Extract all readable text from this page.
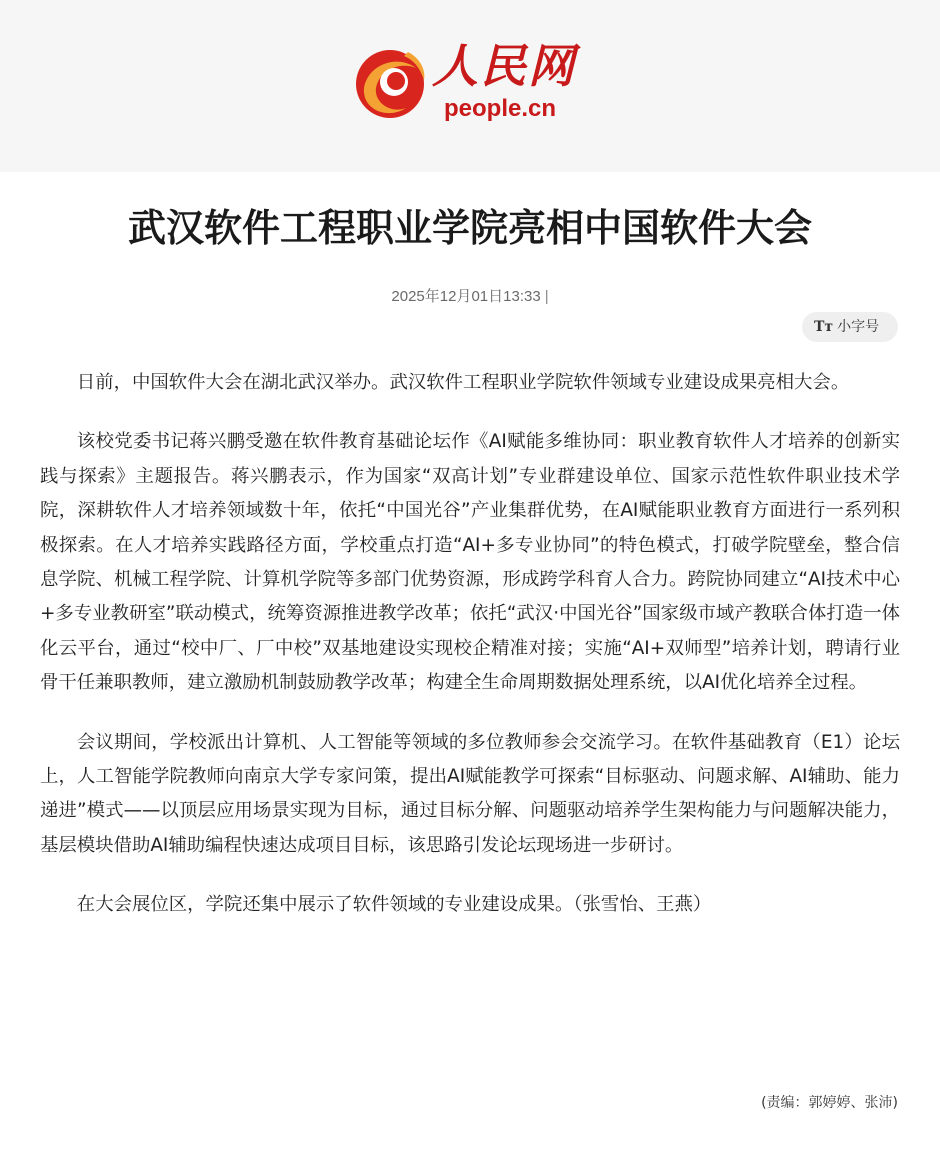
人民网
people.cn
武汉软件工程职业学院亮相中国软件大会
2025年12月01日13:33 |
Tт 小字号

日前，中国软件大会在湖北武汉举办。武汉软件工程职业学院软件领域专业建设成果亮相大会。

该校党委书记蒋兴鹏受邀在软件教育基础论坛作《AI赋能多维协同：职业教育软件人才培养的创新实践与探索》主题报告。蒋兴鹏表示，作为国家“双高计划”专业群建设单位、国家示范性软件职业技术学院，深耕软件人才培养领域数十年，依托“中国光谷”产业集群优势，在AI赋能职业教育方面进行一系列积极探索。在人才培养实践路径方面，学校重点打造“AI+多专业协同”的特色模式，打破学院壁垒，整合信息学院、机械工程学院、计算机学院等多部门优势资源，形成跨学科育人合力。跨院协同建立“AI技术中心+多专业教研室”联动模式，统筹资源推进教学改革；依托“武汉·中国光谷”国家级市域产教联合体打造一体化云平台，通过“校中厂、厂中校”双基地建设实现校企精准对接；实施“AI+双师型”培养计划，聘请行业骨干任兼职教师，建立激励机制鼓励教学改革；构建全生命周期数据处理系统，以AI优化培养全过程。

会议期间，学校派出计算机、人工智能等领域的多位教师参会交流学习。在软件基础教育（E1）论坛上，人工智能学院教师向南京大学专家问策，提出AI赋能教学可探索“目标驱动、问题求解、AI辅助、能力递进”模式——以顶层应用场景实现为目标，通过目标分解、问题驱动培养学生架构能力与问题解决能力，基层模块借助AI辅助编程快速达成项目目标，该思路引发论坛现场进一步研讨。

在大会展位区，学院还集中展示了软件领域的专业建设成果。（张雪怡、王燕）

(责编：郭婷婷、张沛)
